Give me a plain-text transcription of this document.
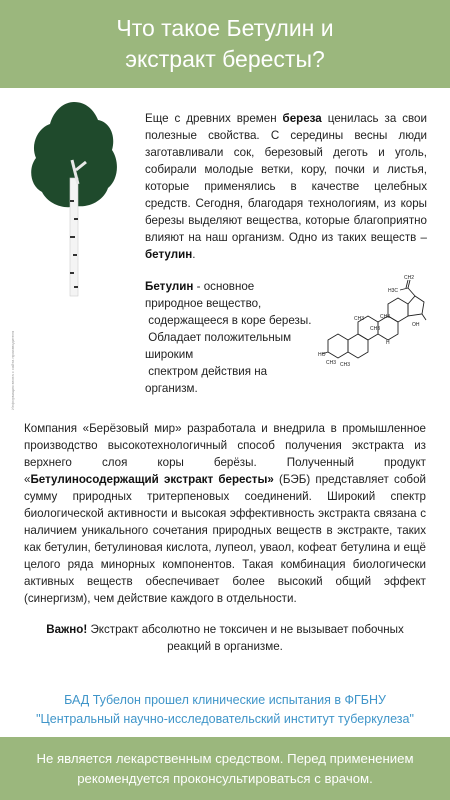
Что такое Бетулин и экстракт бересты?
Информация взята с сайта производителя
Еще с древних времен береза ценилась за свои полезные свойства. С середины весны люди заготавливали сок, березовый деготь и уголь, собирали молодые ветки, кору, почки и листья, которые применялись в качестве целебных средств. Сегодня, благодаря технологиям, из коры березы выделяют вещества, которые благоприятно влияют на наш организм. Одно из таких веществ – бетулин.
Бетулин - основное
природное вещество,
содержащееся в коре березы.
Обладает положительным
широким
спектром действия на
организм.
CH2
H3C
OH
CH3
CH3
CH3
HO
CH3
CH3
H
Компания «Берёзовый мир» разработала и внедрила в промышленное производство высокотехнологичный способ получения экстракта из верхнего слоя коры берёзы. Полученный продукт «Бетулиносодержащий экстракт бересты» (БЭБ) представляет собой сумму природных тритерпеновых соединений. Широкий спектр биологической активности и высокая эффективность экстракта связана с наличием уникального сочетания природных веществ в экстракте, таких как бетулин, бетулиновая кислота, лупеол, уваол, кофеат бетулина и ещё целого ряда минорных компонентов. Такая комбинация биологически активных веществ обеспечивает более высокий общий эффект (синергизм), чем действие каждого в отдельности.
Важно! Экстракт абсолютно не токсичен и не вызывает побочных реакций в организме.
БАД Тубелон прошел клинические испытания в ФГБНУ
"Центральный научно-исследовательский институт туберкулеза"
Не является лекарственным средством. Перед применением рекомендуется проконсультироваться с врачом.
